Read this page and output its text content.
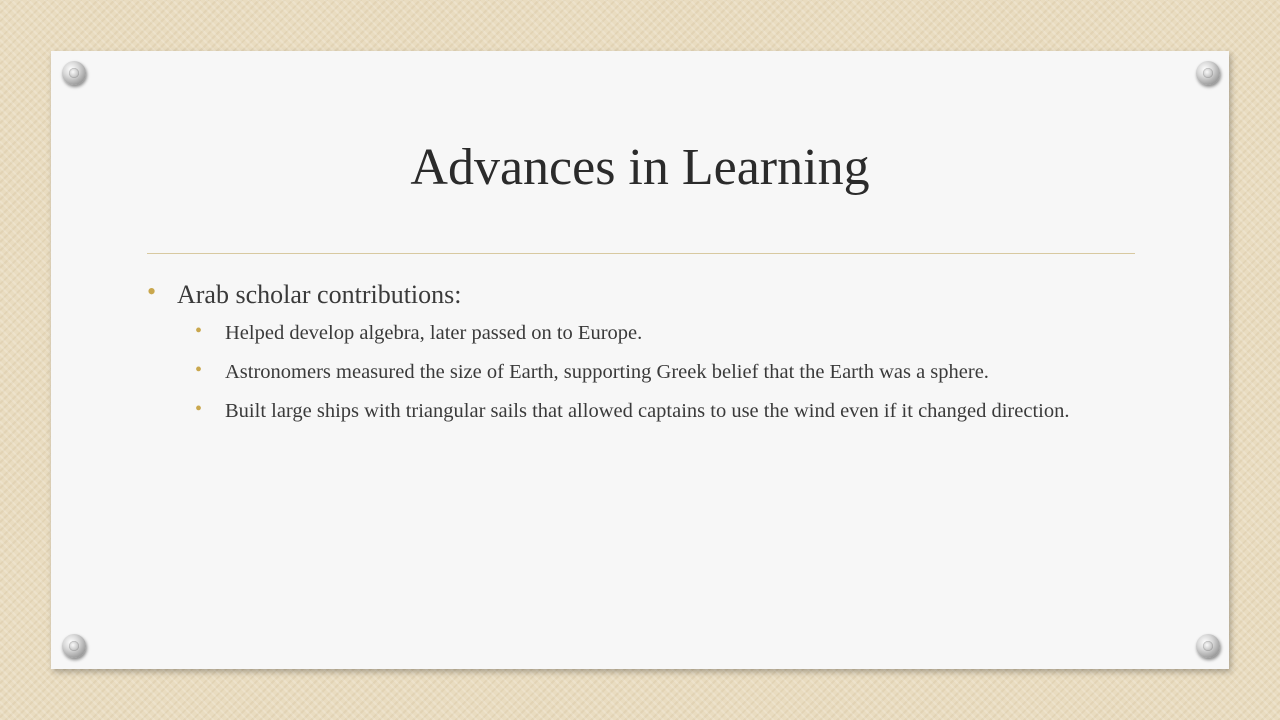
Advances in Learning
• Arab scholar contributions:
• Helped develop algebra, later passed on to Europe.
• Astronomers measured the size of Earth, supporting Greek belief that the Earth was a sphere.
• Built large ships with triangular sails that allowed captains to use the wind even if it changed direction.
